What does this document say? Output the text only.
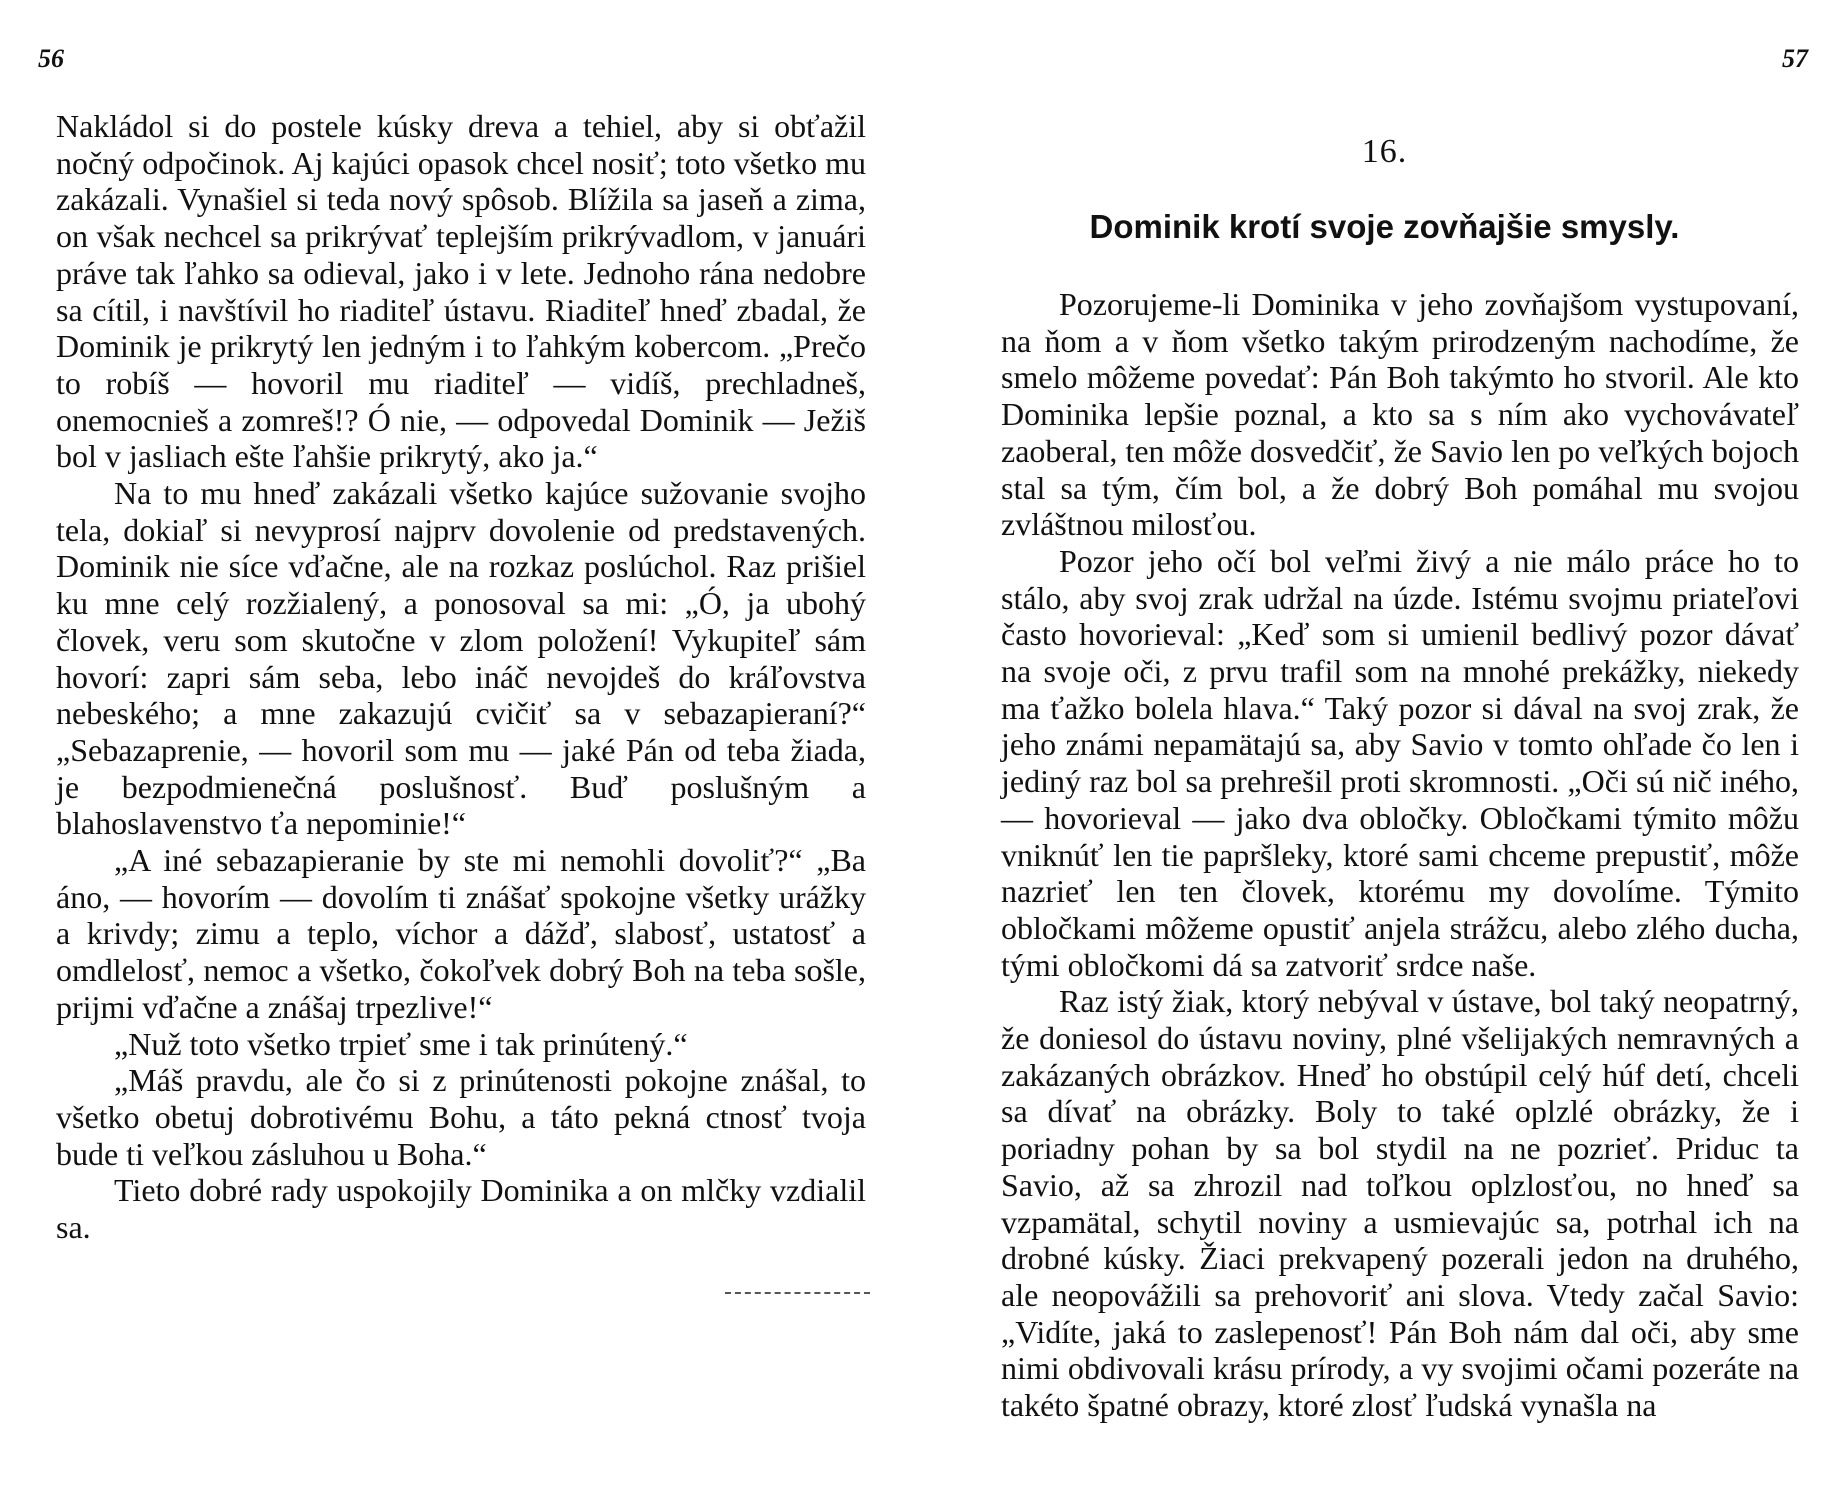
56

Nakládol si do postele kúsky dreva a tehiel, aby si obťažil nočný odpočinok. Aj kajúci opasok chcel nosiť; toto všetko mu zakázali. Vynašiel si teda nový spôsob. Blížila sa jaseň a zima, on však nechcel sa prikrývať teplejším prikrývadlom, v januári práve tak ľahko sa odieval, jako i v lete. Jednoho rána nedobre sa cítil, i navštívil ho riaditeľ ústavu. Riaditeľ hneď zbadal, že Dominik je prikrytý len jedným i to ľahkým kobercom. „Prečo to robíš — hovoril mu riaditeľ — vidíš, prechladneš, onemocnieš a zomreš!? Ó nie, — odpovedal Dominik — Ježiš bol v jasliach ešte ľahšie prikrytý, ako ja.“

Na to mu hneď zakázali všetko kajúce sužovanie svojho tela, dokiaľ si nevyprosí najprv dovolenie od predstavených. Dominik nie síce vďačne, ale na rozkaz poslúchol. Raz prišiel ku mne celý rozžialený, a ponosoval sa mi: „Ó, ja ubohý človek, veru som skutočne v zlom položení! Vykupiteľ sám hovorí: zapri sám seba, lebo ináč nevojdeš do kráľovstva nebeského; a mne zakazujú cvičiť sa v sebazapieraní?“ „Sebazaprenie, — hovoril som mu — jaké Pán od teba žiada, je bezpodmienečná poslušnosť. Buď poslušným a blahoslavenstvo ťa nepominie!“

„A iné sebazapieranie by ste mi nemohli dovoliť?“ „Ba áno, — hovorím — dovolím ti znášať spokojne všetky urážky a krivdy; zimu a teplo, víchor a dážď, slabosť, ustatosť a omdlelosť, nemoc a všetko, čokoľvek dobrý Boh na teba sošle, prijmi vďačne a znášaj trpezlive!“

„Nuž toto všetko trpieť sme i tak prinútený.“

„Máš pravdu, ale čo si z prinútenosti pokojne znášal, to všetko obetuj dobrotivému Bohu, a táto pekná ctnosť tvoja bude ti veľkou zásluhou u Boha.“

Tieto dobré rady uspokojily Dominika a on mlčky vzdialil sa.

57
16.
Dominik krotí svoje zovňajšie smysly.

Pozorujeme-li Dominika v jeho zovňajšom vystupovaní, na ňom a v ňom všetko takým prirodzeným nachodíme, že smelo môžeme povedať: Pán Boh takýmto ho stvoril. Ale kto Dominika lepšie poznal, a kto sa s ním ako vychovávateľ zaoberal, ten môže dosvedčiť, že Savio len po veľkých bojoch stal sa tým, čím bol, a že dobrý Boh pomáhal mu svojou zvláštnou milosťou.

Pozor jeho očí bol veľmi živý a nie málo práce ho to stálo, aby svoj zrak udržal na úzde. Istému svojmu priateľovi často hovorieval: „Keď som si umienil bedlivý pozor dávať na svoje oči, z prvu trafil som na mnohé prekážky, niekedy ma ťažko bolela hlava.“ Taký pozor si dával na svoj zrak, že jeho známi nepamätajú sa, aby Savio v tomto ohľade čo len i jediný raz bol sa prehrešil proti skromnosti. „Oči sú nič iného, — hovorieval — jako dva obločky. Obločkami týmito môžu vniknúť len tie papršleky, ktoré sami chceme prepustiť, môže nazrieť len ten človek, ktorému my dovolíme. Týmito obločkami môžeme opustiť anjela strážcu, alebo zlého ducha, tými obločkomi dá sa zatvoriť srdce naše.

Raz istý žiak, ktorý nebýval v ústave, bol taký neopatrný, že doniesol do ústavu noviny, plné všelijakých nemravných a zakázaných obrázkov. Hneď ho obstúpil celý húf detí, chceli sa dívať na obrázky. Boly to také oplzlé obrázky, že i poriadny pohan by sa bol stydil na ne pozrieť. Priduc ta Savio, až sa zhrozil nad toľkou oplzlosťou, no hneď sa vzpamätal, schytil noviny a usmievajúc sa, potrhal ich na drobné kúsky. Žiaci prekvapený pozerali jedon na druhého, ale neopovážili sa prehovoriť ani slova. Vtedy začal Savio: „Vidíte, jaká to zaslepenosť! Pán Boh nám dal oči, aby sme nimi obdivovali krásu prírody, a vy svojimi očami pozeráte na takéto špatné obrazy, ktoré zlosť ľudská vynašla na
